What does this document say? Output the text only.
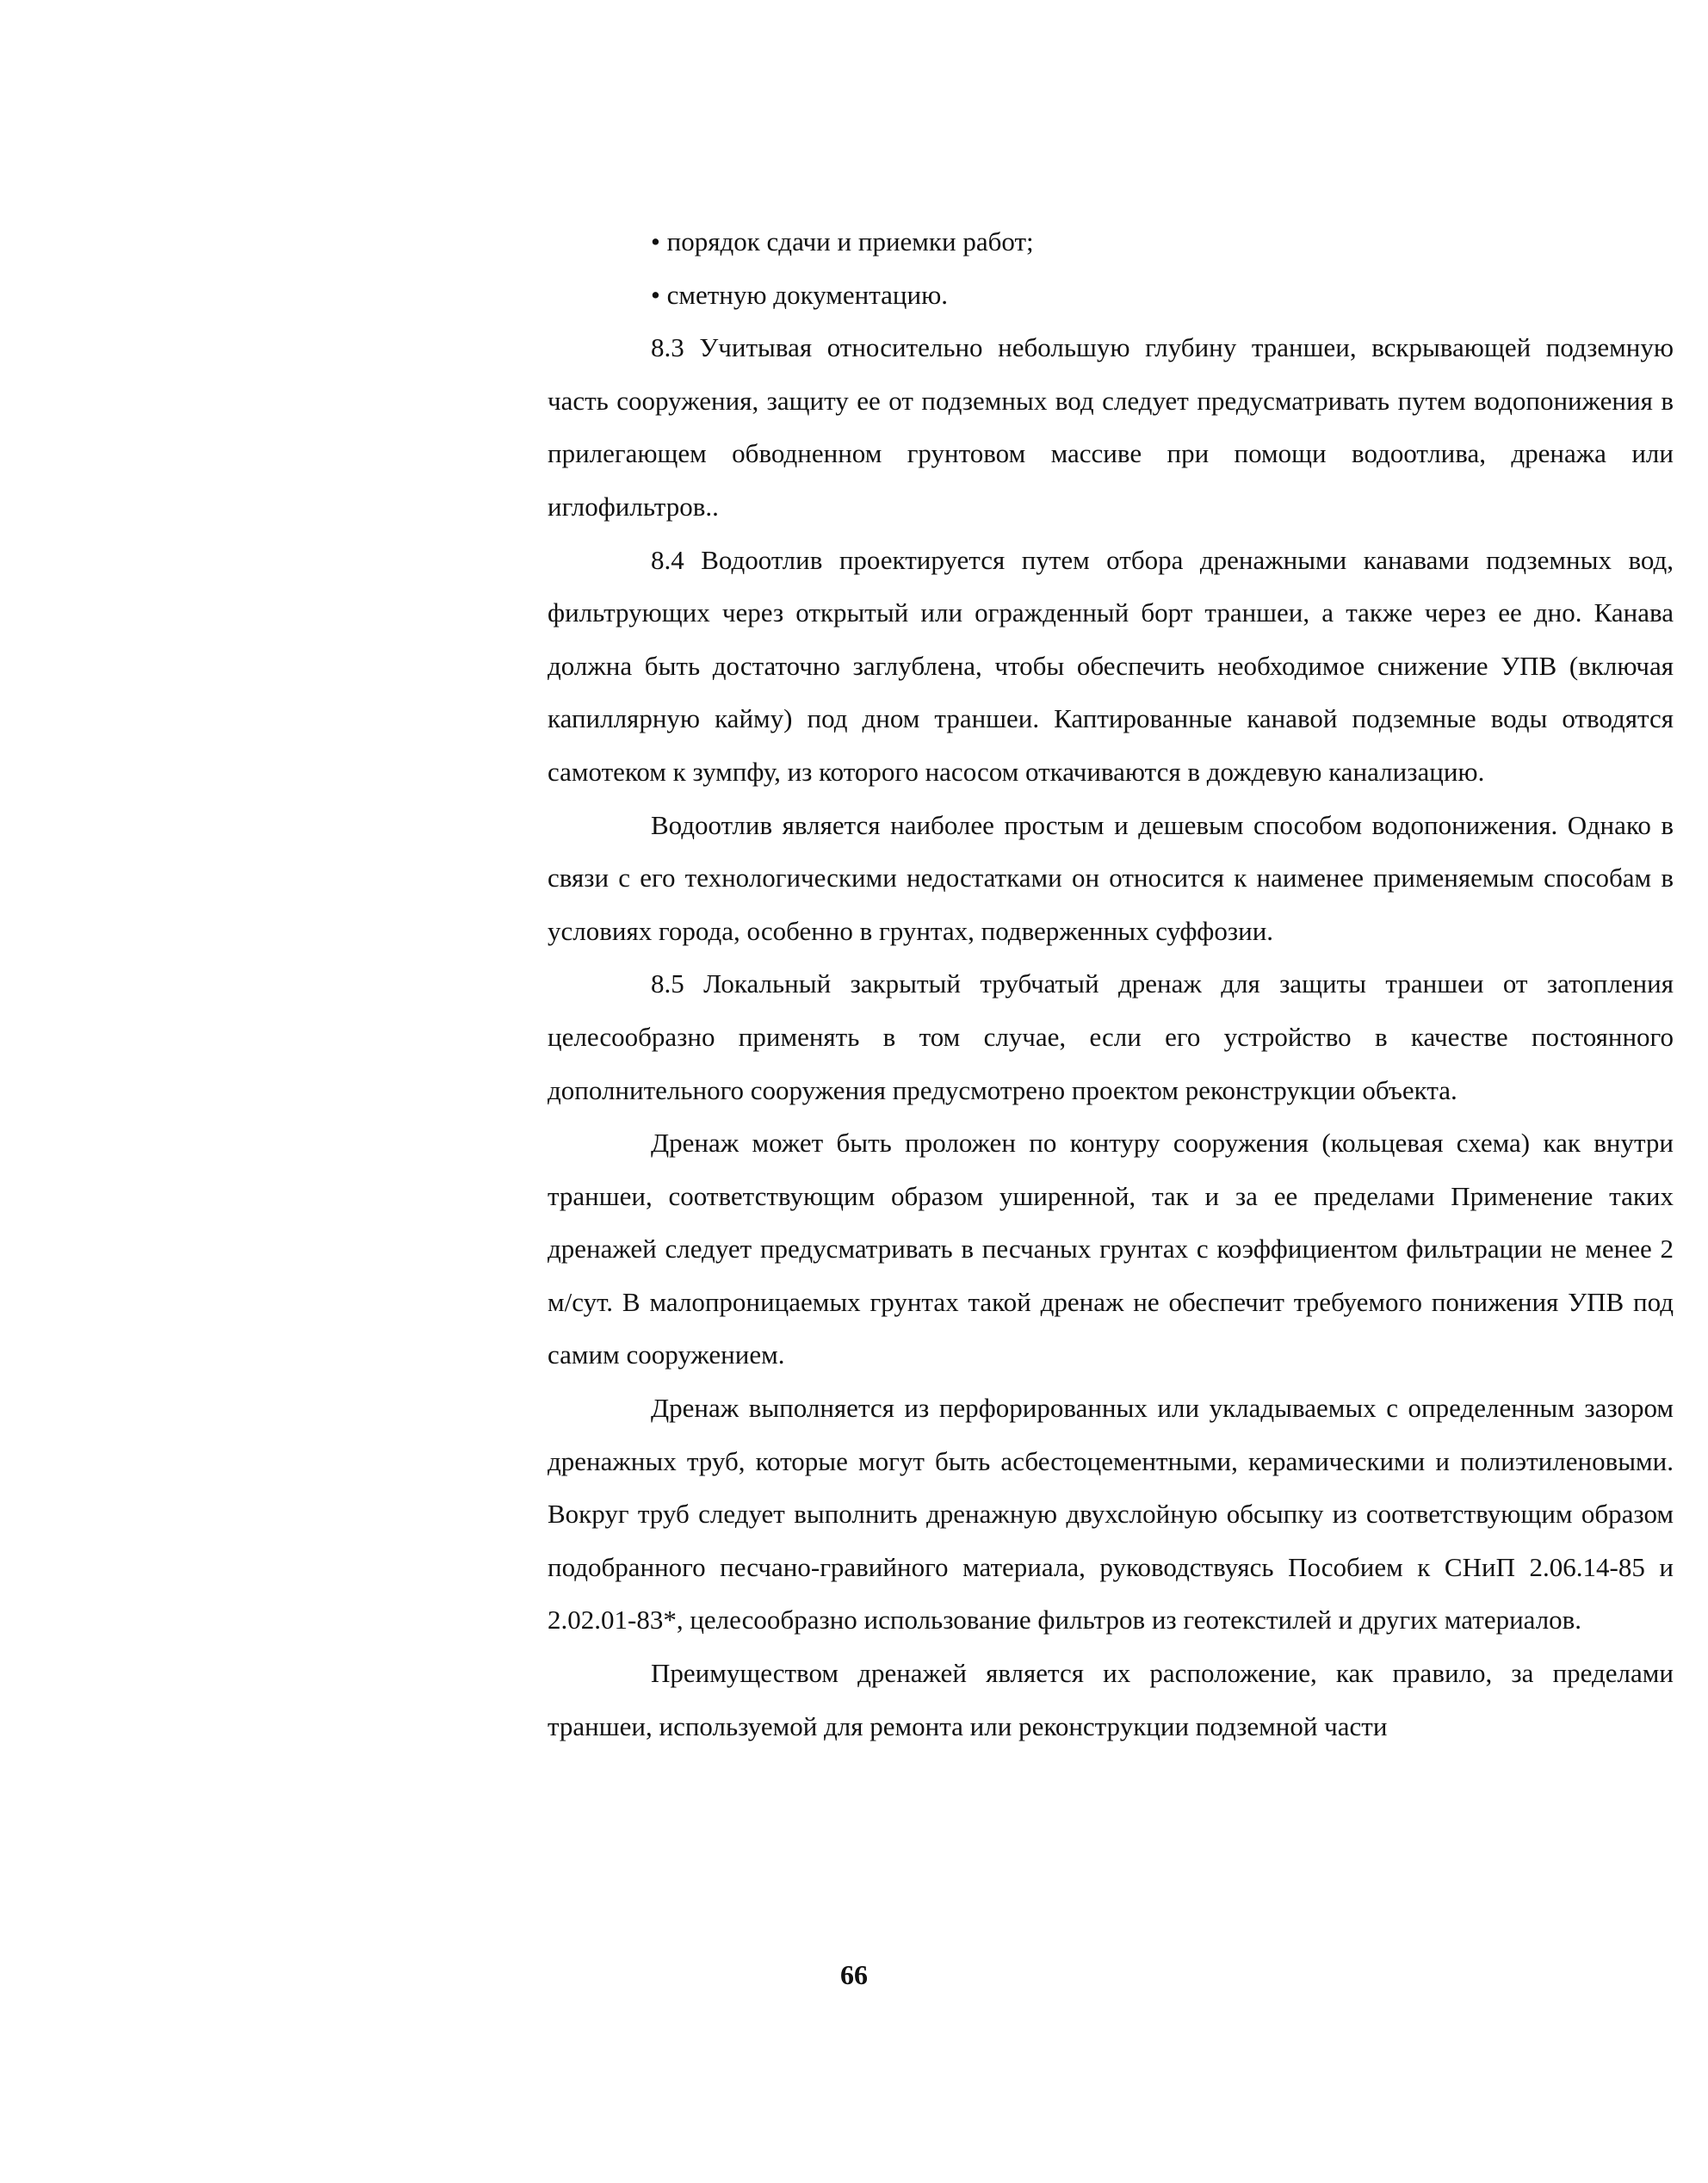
• порядок сдачи и приемки работ;
• сметную документацию.

8.3 Учитывая относительно небольшую глубину траншеи, вскрывающей подземную часть сооружения, защиту ее от подземных вод следует предусматривать путем водопонижения в прилегающем обводненном грунтовом массиве при помощи водоотлива, дренажа или иглофильтров..

8.4 Водоотлив проектируется путем отбора дренажными канавами подземных вод, фильтрующих через открытый или огражденный борт траншеи, а также через ее дно. Канава должна быть достаточно заглублена, чтобы обеспечить необходимое снижение УПВ (включая капиллярную кайму) под дном траншеи. Каптированные канавой подземные воды отводятся самотеком к зумпфу, из которого насосом откачиваются в дождевую канализацию.

Водоотлив является наиболее простым и дешевым способом водопонижения. Однако в связи с его технологическими недостатками он относится к наименее применяемым способам в условиях города, особенно в грунтах, подверженных суффозии.

8.5 Локальный закрытый трубчатый дренаж для защиты траншеи от затопления целесообразно применять в том случае, если его устройство в качестве постоянного дополнительного сооружения предусмотрено проектом реконструкции объекта.

Дренаж может быть проложен по контуру сооружения (кольцевая схема) как внутри траншеи, соответствующим образом уширенной, так и за ее пределами Применение таких дренажей следует предусматривать в песчаных грунтах с коэффициентом фильтрации не менее 2 м/сут. В малопроницаемых грунтах такой дренаж не обеспечит требуемого понижения УПВ под самим сооружением.

Дренаж выполняется из перфорированных или укладываемых с определенным зазором дренажных труб, которые могут быть асбестоцементными, керамическими и полиэтиленовыми. Вокруг труб следует выполнить дренажную двухслойную обсыпку из соответствующим образом подобранного песчано-гравийного материала, руководствуясь Пособием к СНиП 2.06.14-85 и 2.02.01-83*, целесообразно использование фильтров из геотекстилей и других материалов.

Преимуществом дренажей является их расположение, как правило, за пределами траншеи, используемой для ремонта или реконструкции подземной части

66
